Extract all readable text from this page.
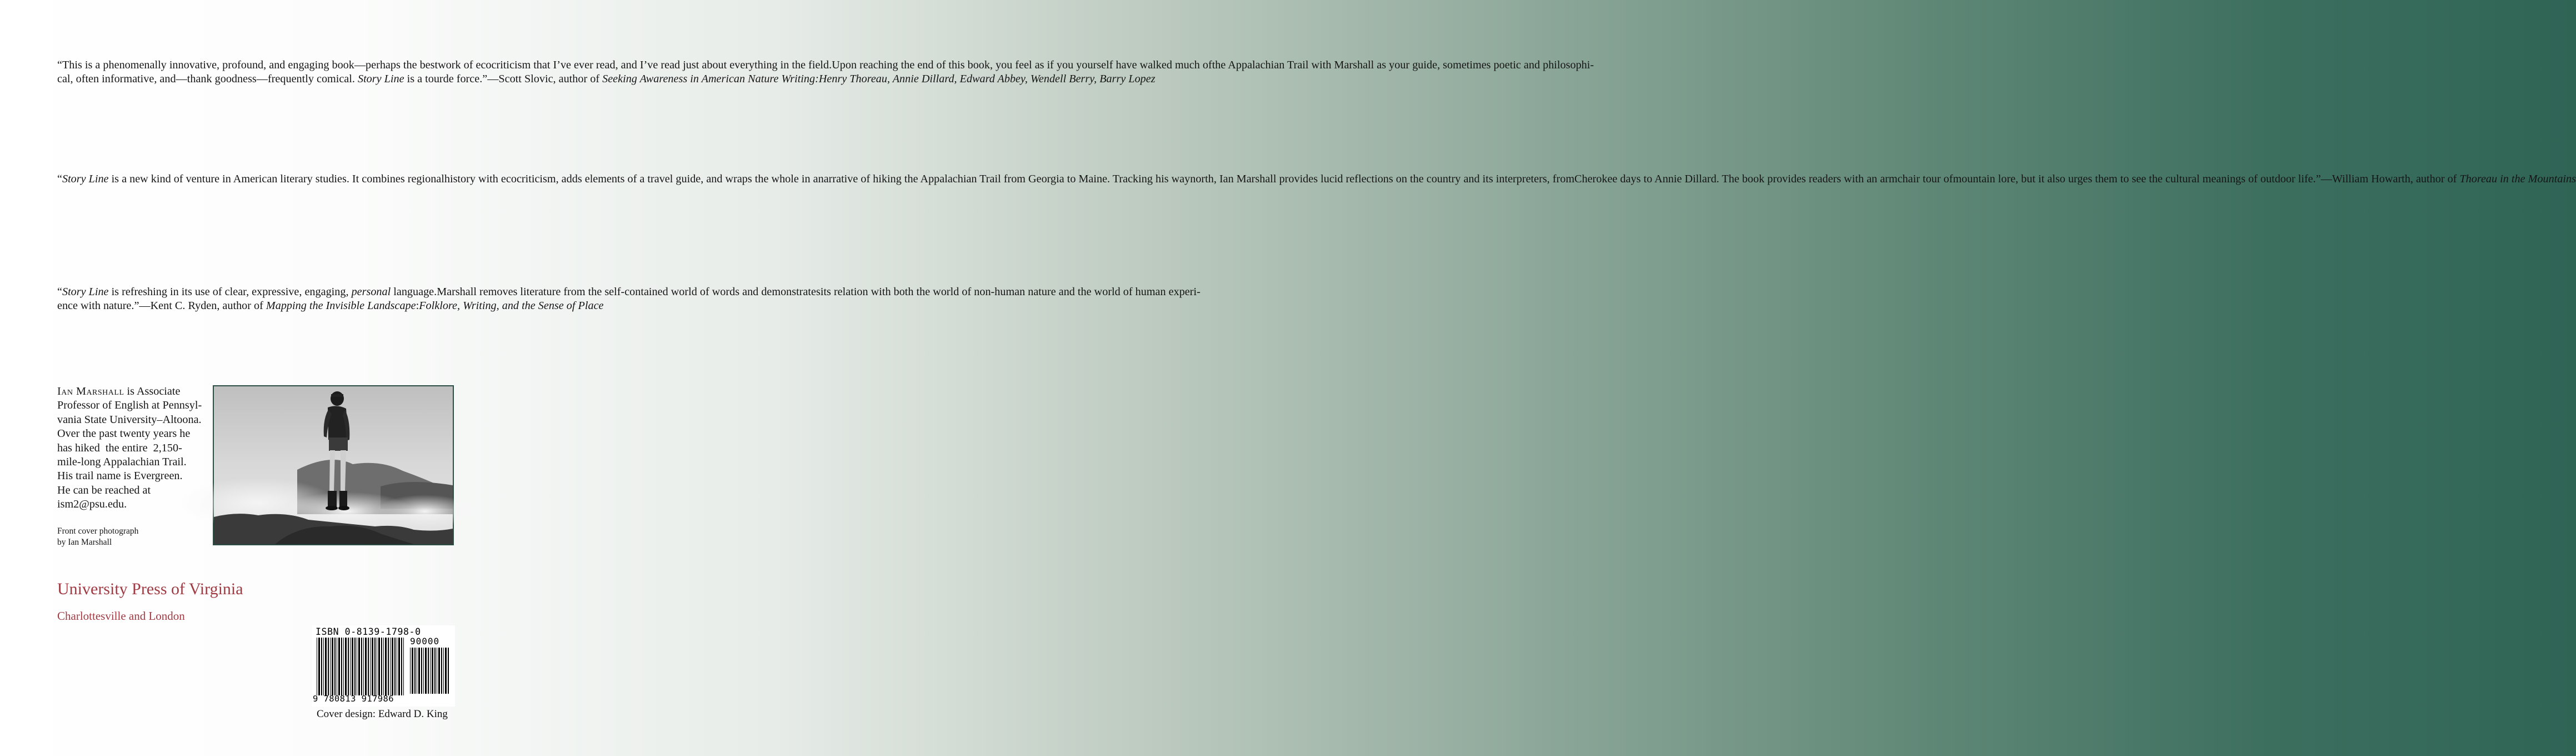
“This is a phenomenally innovative, profound, and engaging book—perhaps the bestwork of ecocriticism that I’ve ever read, and I’ve read just about everything in the field.Upon reaching the end of this book, you feel as if you yourself have walked much ofthe Appalachian Trail with Marshall as your guide, sometimes poetic and philosophi-cal, often informative, and—thank goodness—frequently comical. Story Line is a tourde force.”—Scott Slovic, author of Seeking Awareness in American Nature Writing:Henry Thoreau, Annie Dillard, Edward Abbey, Wendell Berry, Barry Lopez
“Story Line is a new kind of venture in American literary studies. It combines regionalhistory with ecocriticism, adds elements of a travel guide, and wraps the whole in anarrative of hiking the Appalachian Trail from Georgia to Maine. Tracking his waynorth, Ian Marshall provides lucid reflections on the country and its interpreters, fromCherokee days to Annie Dillard. The book provides readers with an armchair tour ofmountain lore, but it also urges them to see the cultural meanings of outdoor life.”—William Howarth, author of Thoreau in the Mountains
“Story Line is refreshing in its use of clear, expressive, engaging, personal language.Marshall removes literature from the self-contained world of words and demonstratesits relation with both the world of non-human nature and the world of human experi-ence with nature.”—Kent C. Ryden, author of Mapping the Invisible Landscape:Folklore, Writing, and the Sense of Place
Ian Marshall is Associate
Professor of English at Pennsyl-
vania State University–Altoona.
Over the past twenty years he
has hiked  the entire  2,150-
mile-long Appalachian Trail.
His trail name is Evergreen.
He can be reached at
ism2@psu.edu.
Front cover photograph
by Ian Marshall
University Press of Virginia
Charlottesville and London
ISBN 0-8139-1798-0
90000
9 780813 917986
Cover design: Edward D. King
